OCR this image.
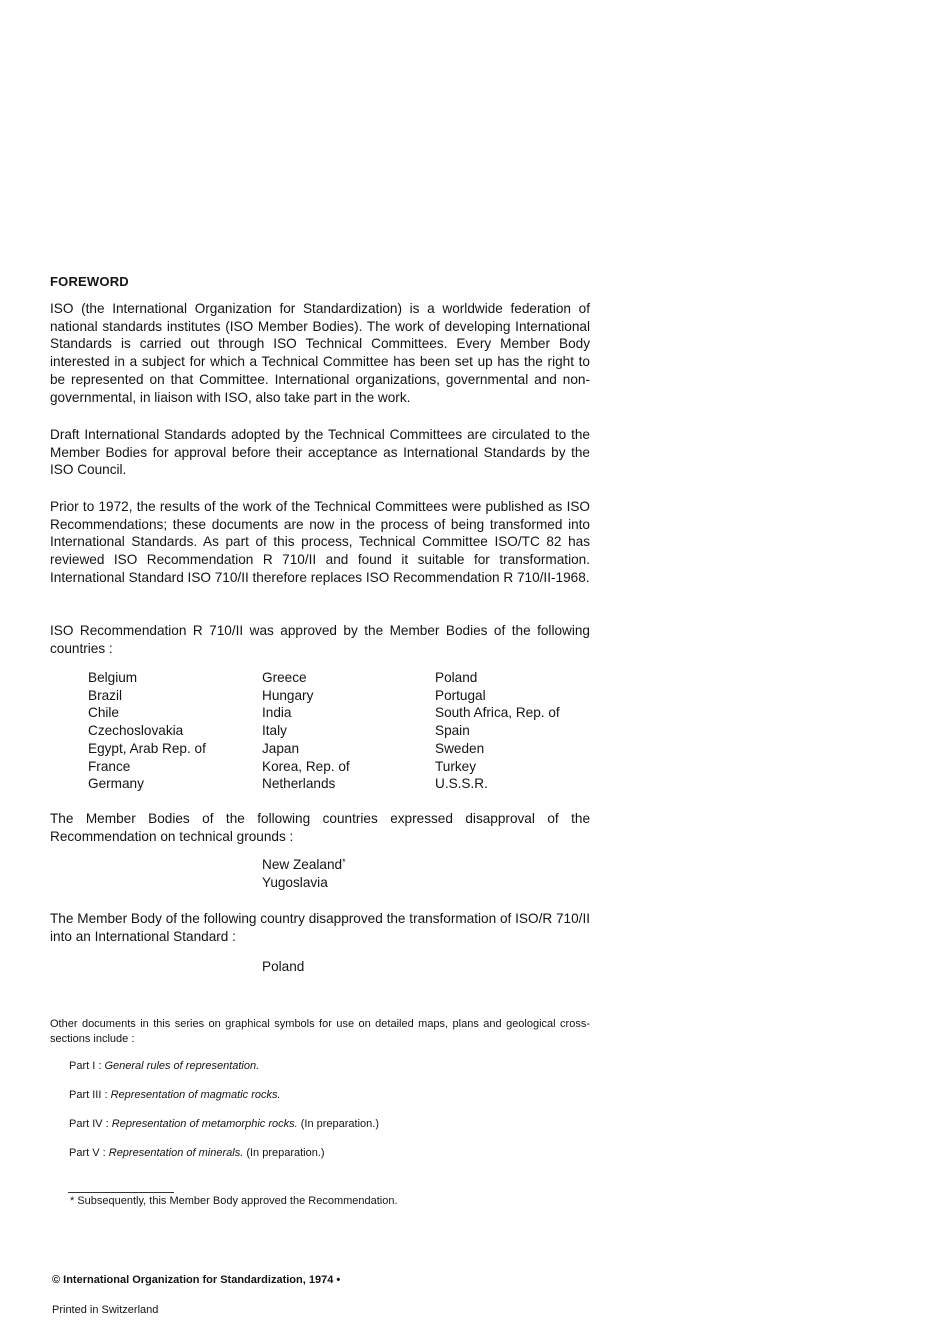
FOREWORD

ISO (the International Organization for Standardization) is a worldwide federation of national standards institutes (ISO Member Bodies). The work of developing International Standards is carried out through ISO Technical Committees. Every Member Body interested in a subject for which a Technical Committee has been set up has the right to be represented on that Committee. International organizations, governmental and non-governmental, in liaison with ISO, also take part in the work.

Draft International Standards adopted by the Technical Committees are circulated to the Member Bodies for approval before their acceptance as International Standards by the ISO Council.

Prior to 1972, the results of the work of the Technical Committees were published as ISO Recommendations; these documents are now in the process of being transformed into International Standards. As part of this process, Technical Committee ISO/TC 82 has reviewed ISO Recommendation R 710/II and found it suitable for transformation. International Standard ISO 710/II therefore replaces ISO Recommendation R 710/II-1968.

ISO Recommendation R 710/II was approved by the Member Bodies of the following countries :

Belgium
Brazil
Chile
Czechoslovakia
Egypt, Arab Rep. of
France
Germany
Greece
Hungary
India
Italy
Japan
Korea, Rep. of
Netherlands
Poland
Portugal
South Africa, Rep. of
Spain
Sweden
Turkey
U.S.S.R.

The Member Bodies of the following countries expressed disapproval of the Recommendation on technical grounds :

New Zealand*
Yugoslavia

The Member Body of the following country disapproved the transformation of ISO/R 710/II into an International Standard :

Poland

Other documents in this series on graphical symbols for use on detailed maps, plans and geological cross-sections include :

Part I : General rules of representation.
Part III : Representation of magmatic rocks.
Part IV : Representation of metamorphic rocks. (In preparation.)
Part V : Representation of minerals. (In preparation.)
* Subsequently, this Member Body approved the Recommendation.
© International Organization for Standardization, 1974 •
Printed in Switzerland
